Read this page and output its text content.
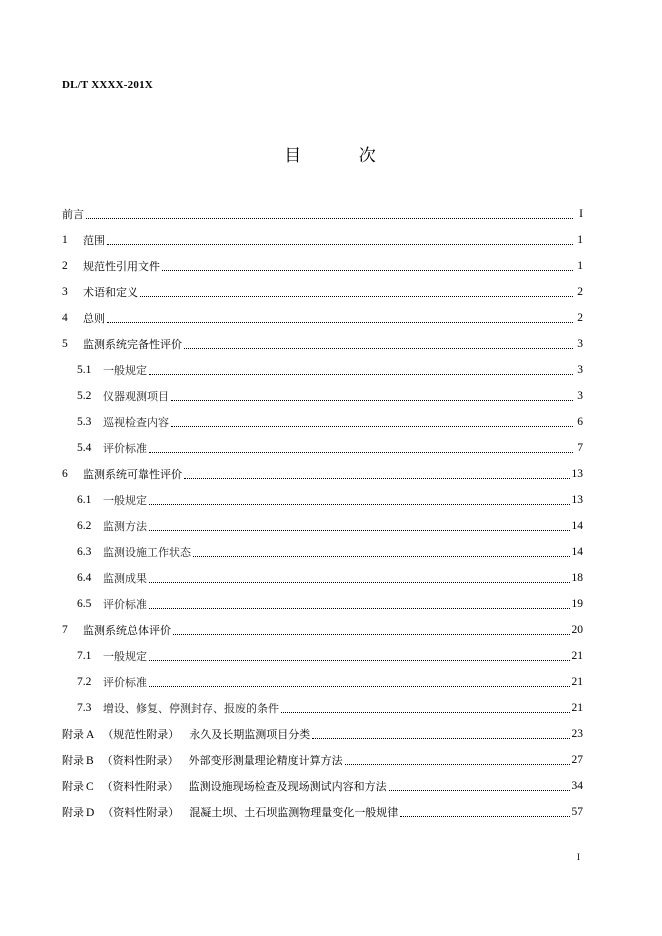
DL/T XXXX-201X
目 次
前言	I
1	范围	1
2	规范性引用文件	1
3	术语和定义	2
4	总则	2
5	监测系统完备性评价	3
5.1	一般规定	3
5.2	仪器观测项目	3
5.3	巡视检查内容	6
5.4	评价标准	7
6	监测系统可靠性评价	13
6.1	一般规定	13
6.2	监测方法	14
6.3	监测设施工作状态	14
6.4	监测成果	18
6.5	评价标准	19
7	监测系统总体评价	20
7.1	一般规定	21
7.2	评价标准	21
7.3	增设、修复、停测封存、报废的条件	21
附录 A （规范性附录） 永久及长期监测项目分类	23
附录 B （资料性附录） 外部变形测量理论精度计算方法	27
附录 C （资料性附录） 监测设施现场检查及现场测试内容和方法	34
附录 D （资料性附录） 混凝土坝、土石坝监测物理量变化一般规律	57
I
